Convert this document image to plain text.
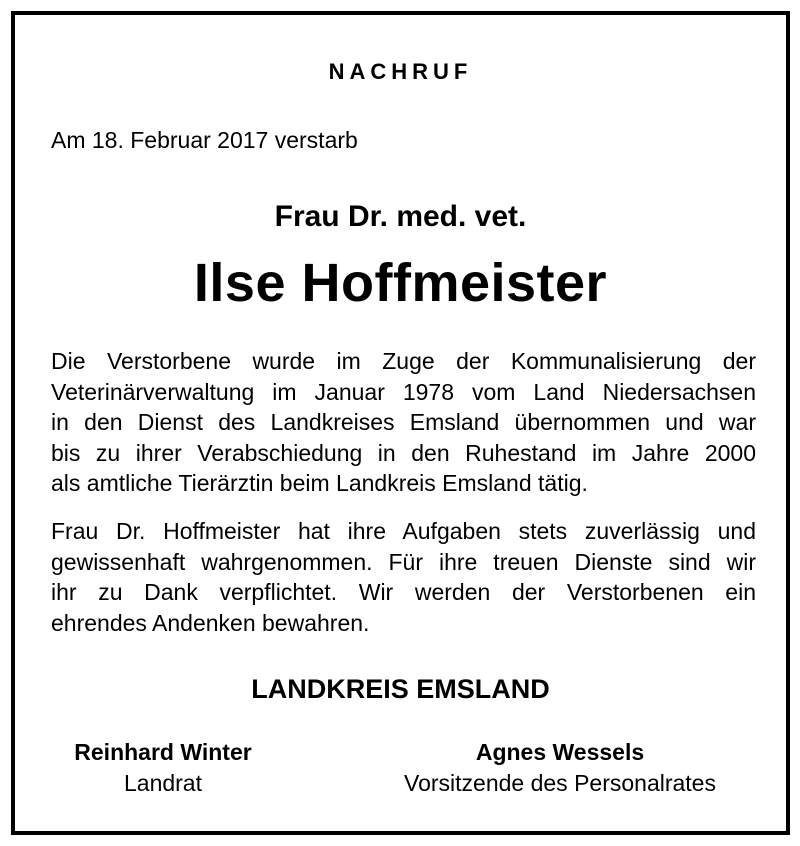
NACHRUF
Am 18. Februar 2017 verstarb
Frau Dr. med. vet.
Ilse Hoffmeister
Die Verstorbene wurde im Zuge der Kommunalisierung der
Veterinärverwaltung im Januar 1978 vom Land Niedersachsen
in den Dienst des Landkreises Emsland übernommen und war
bis zu ihrer Verabschiedung in den Ruhestand im Jahre 2000
als amtliche Tierärztin beim Landkreis Emsland tätig.
Frau Dr. Hoffmeister hat ihre Aufgaben stets zuverlässig und
gewissenhaft wahrgenommen. Für ihre treuen Dienste sind wir
ihr zu Dank verpflichtet. Wir werden der Verstorbenen ein
ehrendes Andenken bewahren.
LANDKREIS EMSLAND
Reinhard Winter
Landrat
Agnes Wessels
Vorsitzende des Personalrates
